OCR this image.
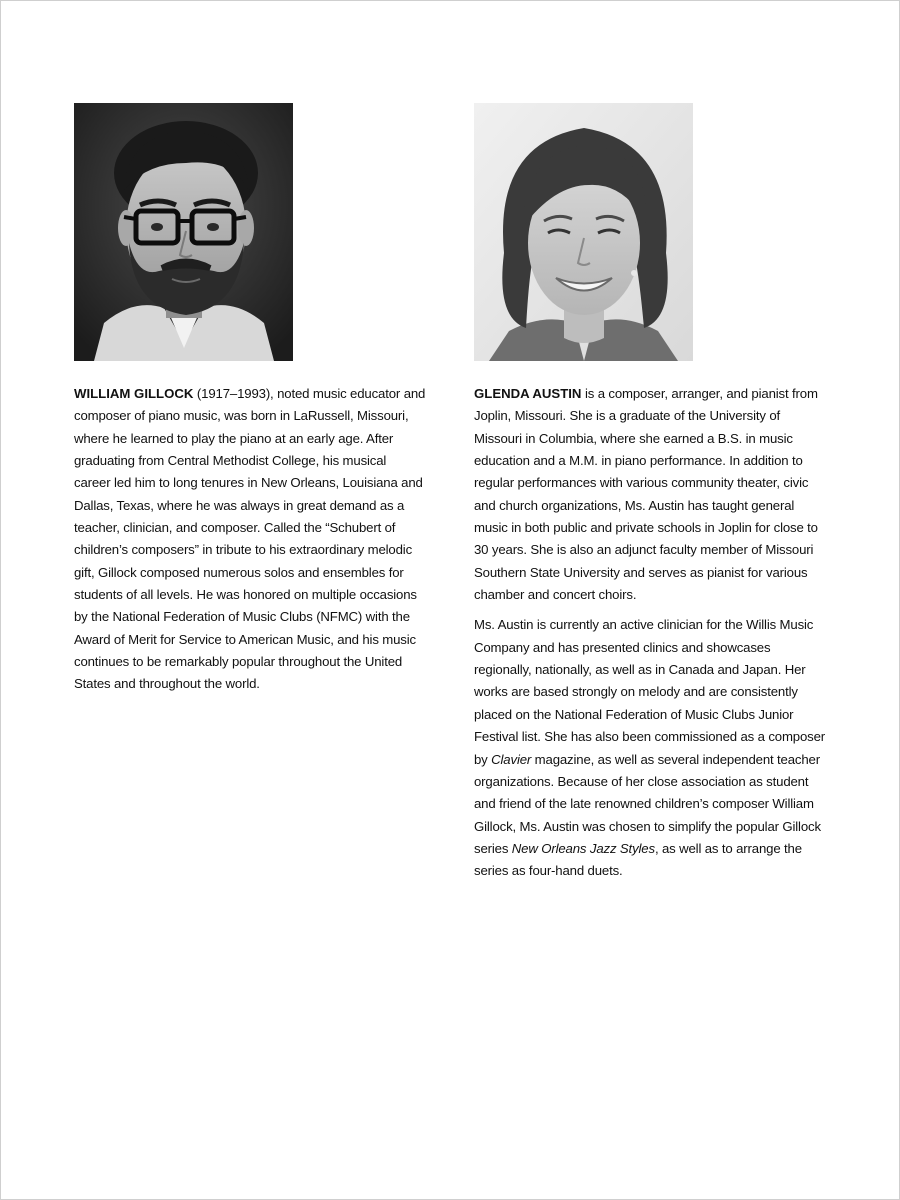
WILLIAM GILLOCK (1917–1993), noted music educator and composer of piano music, was born in LaRussell, Missouri, where he learned to play the piano at an early age. After graduating from Central Methodist College, his musical career led him to long tenures in New Orleans, Louisiana and Dallas, Texas, where he was always in great demand as a teacher, clinician, and composer. Called the “Schubert of children’s composers” in tribute to his extraordinary melodic gift, Gillock composed numerous solos and ensembles for students of all levels. He was honored on multiple occasions by the National Federation of Music Clubs (NFMC) with the Award of Merit for Service to American Music, and his music continues to be remarkably popular throughout the United States and throughout the world.

GLENDA AUSTIN is a composer, arranger, and pianist from Joplin, Missouri. She is a graduate of the University of Missouri in Columbia, where she earned a B.S. in music education and a M.M. in piano performance. In addition to regular performances with various community theater, civic and church organizations, Ms. Austin has taught general music in both public and private schools in Joplin for close to 30 years. She is also an adjunct faculty member of Missouri Southern State University and serves as pianist for various chamber and concert choirs.

Ms. Austin is currently an active clinician for the Willis Music Company and has presented clinics and showcases regionally, nationally, as well as in Canada and Japan. Her works are based strongly on melody and are consistently placed on the National Federation of Music Clubs Junior Festival list. She has also been commissioned as a composer by Clavier magazine, as well as several independent teacher organizations. Because of her close association as student and friend of the late renowned children’s composer William Gillock, Ms. Austin was chosen to simplify the popular Gillock series New Orleans Jazz Styles, as well as to arrange the series as four-hand duets.
